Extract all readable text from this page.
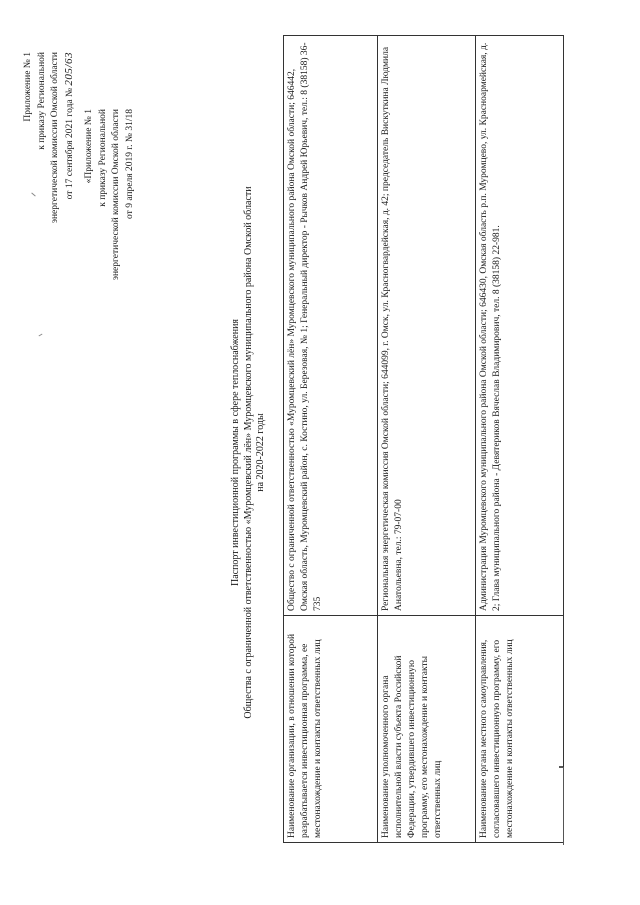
Приложение № 1 к приказу Региональной энергетической комиссии Омской области от 17 сентября 2021 года № 205/63
«Приложение № 1 к приказу Региональной энергетической комиссии Омской области от 9 апреля 2019 г. № 31/18
Паспорт инвестиционной программы в сфере теплоснабжения Общества с ограниченной ответственностью «Муромцевский лён» Муромцевского муниципального района Омской области на 2020-2022 годы
Наименование организации, в отношении которой разрабатывается инвестиционная программа, ее местонахождение и контакты ответственных лиц	Общество с ограниченной ответственностью «Муромцевский лён» Муромцевского муниципального района Омской области; 646442, Омская область, Муромцевский район, с. Костино, ул. Березовая, № 1; Генеральный директор - Рычков Андрей Юрьевич, тел.: 8 (38158) 36-735
Наименование уполномоченного органа исполнительной власти субъекта Российской Федерации, утвердившего инвестиционную программу, его местонахождение и контакты ответственных лиц	Региональная энергетическая комиссия Омской области; 644099, г. Омск, ул. Красногвардейская, д. 42; председатель Вискуткина Людмила Анатольевна, тел.: 79-07-00
Наименование органа местного самоуправления, согласовавшего инвестиционную программу, его местонахождение и контакты ответственных лиц	Администрация Муромцевского муниципального района Омской области; 646430, Омская область р.п. Муромцево, ул. Красноармейская, д. 2; Глава муниципального района - Девятериков Вячеслав Владимирович, тел. 8 (38158) 22-981.
